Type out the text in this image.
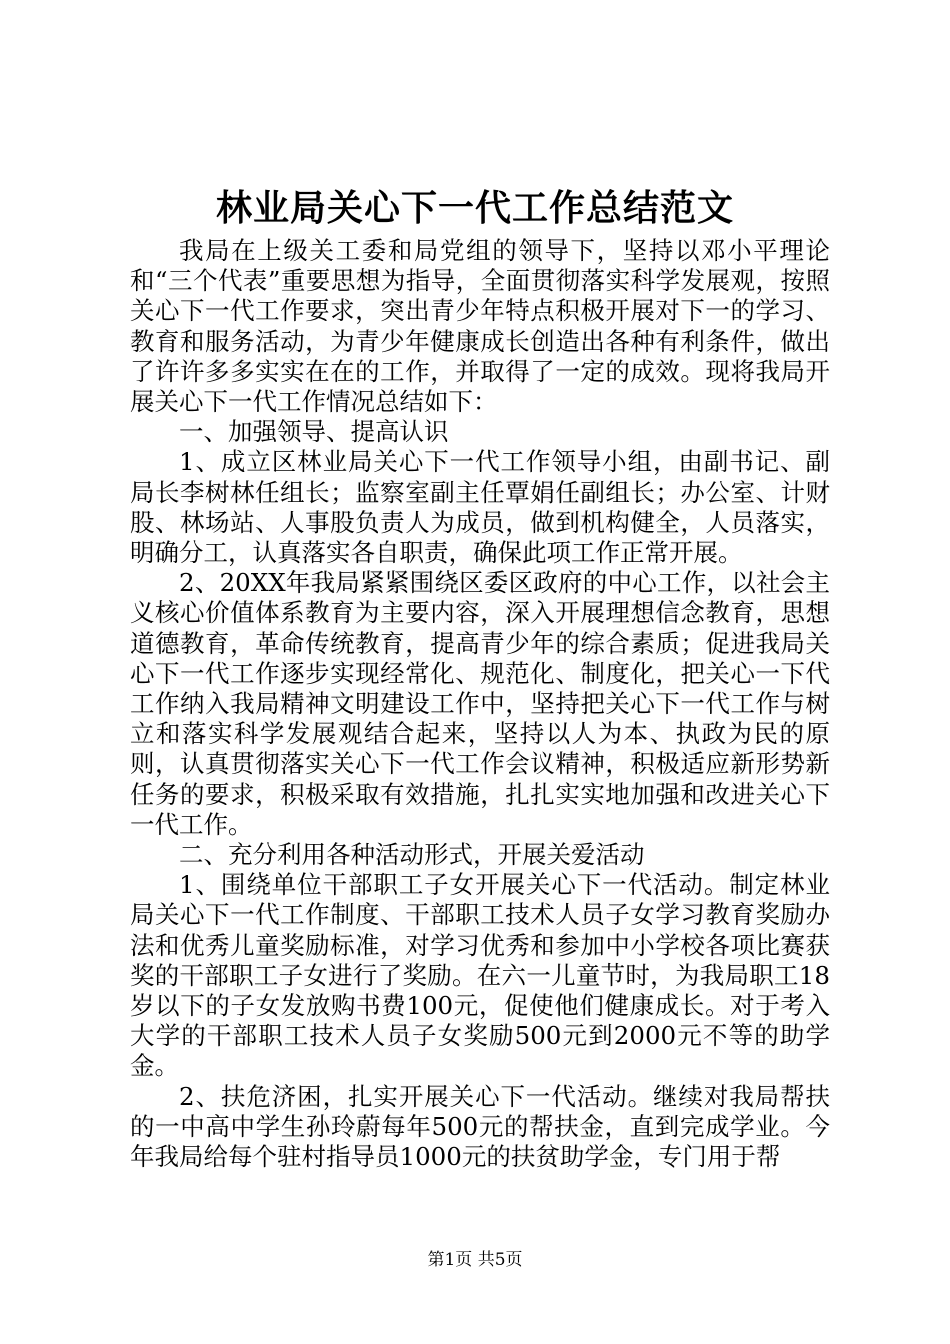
林业局关心下一代工作总结范文

我局在上级关工委和局党组的领导下，坚持以邓小平理论和“三个代表”重要思想为指导，全面贯彻落实科学发展观，按照关心下一代工作要求，突出青少年特点积极开展对下一的学习、教育和服务活动，为青少年健康成长创造出各种有利条件，做出了许许多多实实在在的工作，并取得了一定的成效。现将我局开展关心下一代工作情况总结如下：

一、加强领导、提高认识

1、成立区林业局关心下一代工作领导小组，由副书记、副局长李树林任组长；监察室副主任覃娟任副组长；办公室、计财股、林场站、人事股负责人为成员，做到机构健全，人员落实，明确分工，认真落实各自职责，确保此项工作正常开展。

2、20XX年我局紧紧围绕区委区政府的中心工作，以社会主义核心价值体系教育为主要内容，深入开展理想信念教育，思想道德教育，革命传统教育，提高青少年的综合素质；促进我局关心下一代工作逐步实现经常化、规范化、制度化，把关心一下代工作纳入我局精神文明建设工作中，坚持把关心下一代工作与树立和落实科学发展观结合起来，坚持以人为本、执政为民的原则，认真贯彻落实关心下一代工作会议精神，积极适应新形势新任务的要求，积极采取有效措施，扎扎实实地加强和改进关心下一代工作。

二、充分利用各种活动形式，开展关爱活动

1、围绕单位干部职工子女开展关心下一代活动。制定林业局关心下一代工作制度、干部职工技术人员子女学习教育奖励办法和优秀儿童奖励标准，对学习优秀和参加中小学校各项比赛获奖的干部职工子女进行了奖励。在六一儿童节时，为我局职工18岁以下的子女发放购书费100元，促使他们健康成长。对于考入大学的干部职工技术人员子女奖励500元到2000元不等的助学金。

2、扶危济困，扎实开展关心下一代活动。继续对我局帮扶的一中高中学生孙玲蔚每年500元的帮扶金，直到完成学业。今年我局给每个驻村指导员1000元的扶贫助学金，专门用于帮

第1页 共5页
